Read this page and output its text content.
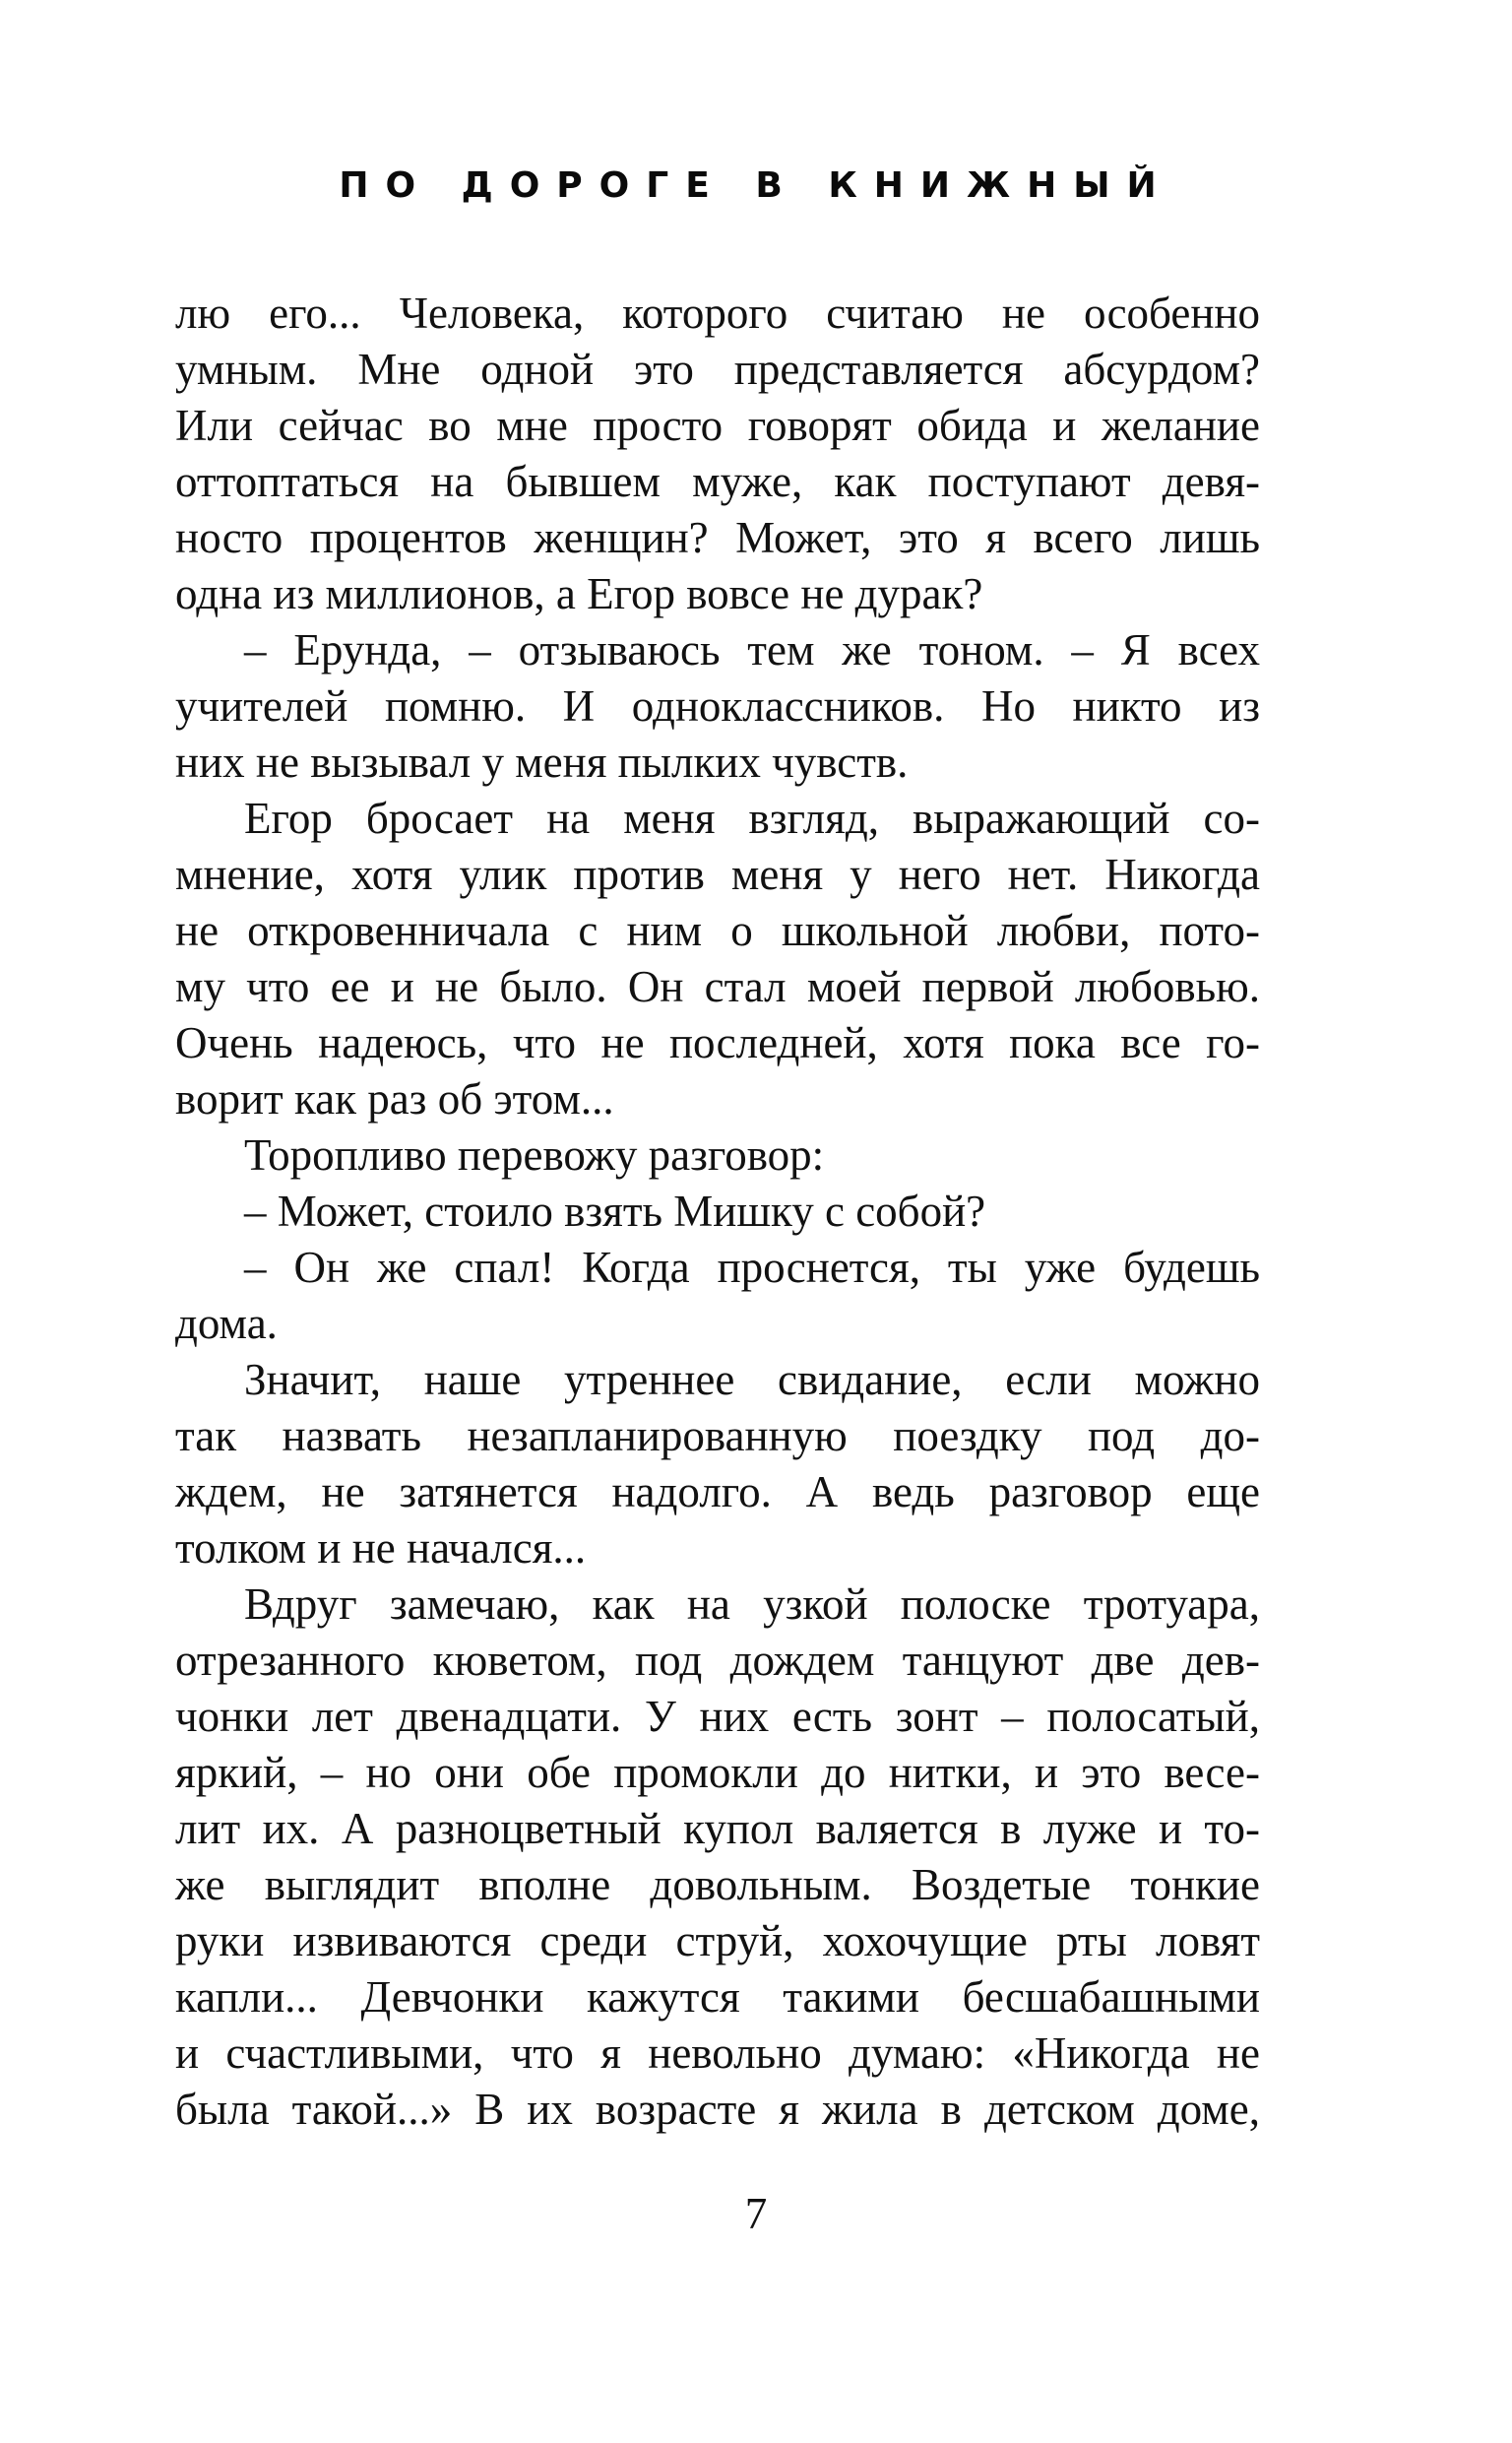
ПО ДОРОГЕ В КНИЖНЫЙ
лю его... Человека, которого считаю не особенно
умным. Мне одной это представляется абсурдом?
Или сейчас во мне просто говорят обида и желание
оттоптаться на бывшем муже, как поступают девя-
носто процентов женщин? Может, это я всего лишь
одна из миллионов, а Егор вовсе не дурак?
– Ерунда, – отзываюсь тем же тоном. – Я всех
учителей помню. И одноклассников. Но никто из
них не вызывал у меня пылких чувств.
Егор бросает на меня взгляд, выражающий со-
мнение, хотя улик против меня у него нет. Никогда
не откровенничала с ним о школьной любви, пото-
му что ее и не было. Он стал моей первой любовью.
Очень надеюсь, что не последней, хотя пока все го-
ворит как раз об этом...
Торопливо перевожу разговор:
– Может, стоило взять Мишку с собой?
– Он же спал! Когда проснется, ты уже будешь
дома.
Значит, наше утреннее свидание, если можно
так назвать незапланированную поездку под до-
ждем, не затянется надолго. А ведь разговор еще
толком и не начался...
Вдруг замечаю, как на узкой полоске тротуара,
отрезанного кюветом, под дождем танцуют две дев-
чонки лет двенадцати. У них есть зонт – полосатый,
яркий, – но они обе промокли до нитки, и это весе-
лит их. А разноцветный купол валяется в луже и то-
же выглядит вполне довольным. Воздетые тонкие
руки извиваются среди струй, хохочущие рты ловят
капли... Девчонки кажутся такими бесшабашными
и счастливыми, что я невольно думаю: «Никогда не
была такой...» В их возрасте я жила в детском доме,
7
